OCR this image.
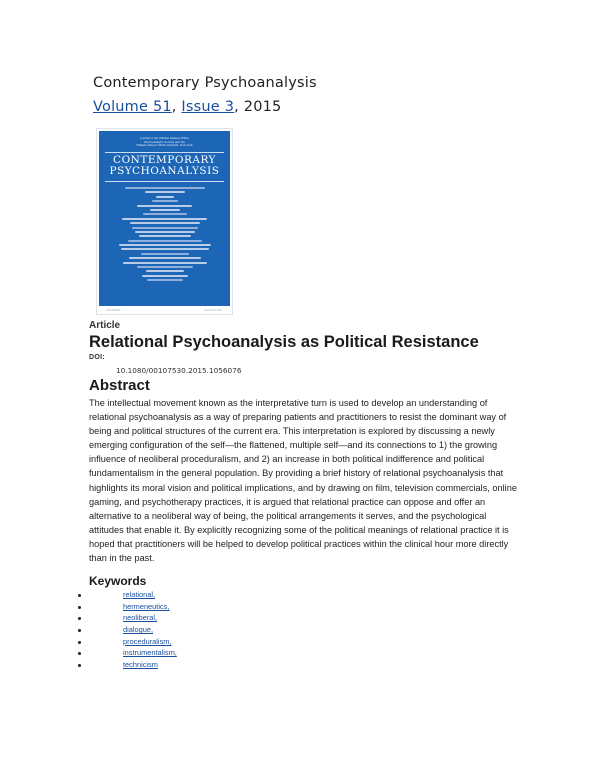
Contemporary Psychoanalysis
Volume 51, Issue 3, 2015
Journal of the William Alanson White
Psychoanalytic Society and the
William Alanson White Institute, New York
CONTEMPORARY
PSYCHOANALYSIS
• ROUTLEDGE	ISSN 0010-7530
Article
Relational Psychoanalysis as Political Resistance
DOI:
10.1080/00107530.2015.1056076
Abstract

The intellectual movement known as the interpretative turn is used to develop an understanding of relational psychoanalysis as a way of preparing patients and practitioners to resist the dominant way of being and political structures of the current era. This interpretation is explored by discussing a newly emerging configuration of the self—the flattened, multiple self—and its connections to 1) the growing influence of neoliberal proceduralism, and 2) an increase in both political indifference and political fundamentalism in the general population. By providing a brief history of relational psychoanalysis that highlights its moral vision and political implications, and by drawing on film, television commercials, online gaming, and psychotherapy practices, it is argued that relational practice can oppose and offer an alternative to a neoliberal way of being, the political arrangements it serves, and the psychological attitudes that enable it. By explicitly recognizing some of the political meanings of relational practice it is hoped that practitioners will be helped to develop political practices within the clinical hour more directly than in the past.

Keywords
relational,
hermeneutics,
neoliberal,
dialogue,
proceduralism,
instrumentalism,
technicism
